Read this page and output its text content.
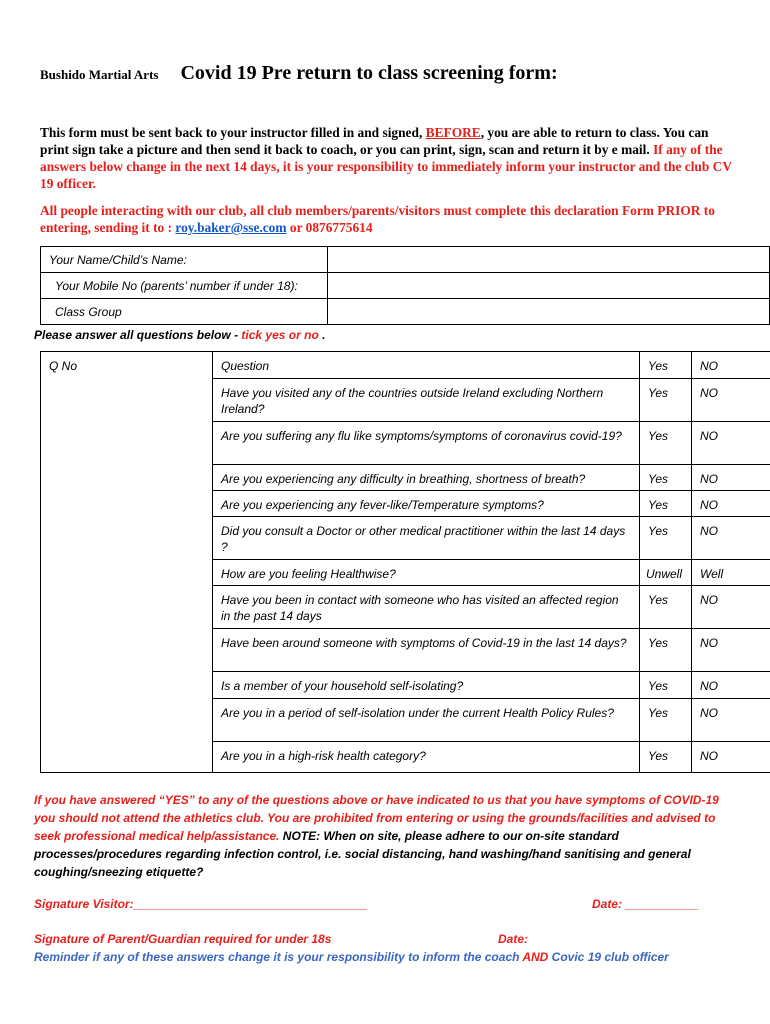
Bushido Martial Arts Covid 19 Pre return to class screening form:
This form must be sent back to your instructor filled in and signed, BEFORE, you are able to return to class. You can print sign take a picture and then send it back to coach, or you can print, sign, scan and return it by e mail. If any of the answers below change in the next 14 days, it is your responsibility to immediately inform your instructor and the club CV 19 officer.
All people interacting with our club, all club members/parents/visitors must complete this declaration Form PRIOR to entering, sending it to : roy.baker@sse.com or 0876775614
Your Name/Child’s Name:	
Your Mobile No (parents’ number if under 18):	
Class Group	
Please answer all questions below - tick yes or no .
Q No	Question	Yes	NO
	Have you visited any of the countries outside Ireland excluding Northern Ireland?	Yes	NO
	Are you suffering any flu like symptoms/symptoms of coronavirus covid-19?	Yes	NO
	Are you experiencing any difficulty in breathing, shortness of breath?	Yes	NO
	Are you experiencing any fever-like/Temperature symptoms?	Yes	NO
	Did you consult a Doctor or other medical practitioner within the last 14 days ?	Yes	NO
	How are you feeling Healthwise?	Unwell	Well
	Have you been in contact with someone who has visited an affected region in the past 14 days	Yes	NO
	Have been around someone with symptoms of Covid-19 in the last 14 days?	Yes	NO
	Is a member of your household self-isolating?	Yes	NO
	Are you in a period of self-isolation under the current Health Policy Rules?	Yes	NO
	Are you in a high-risk health category?	Yes	NO
If you have answered “YES” to any of the questions above or have indicated to us that you have symptoms of COVID-19 you should not attend the athletics club. You are prohibited from entering or using the grounds/facilities and advised to seek professional medical help/assistance. NOTE: When on site, please adhere to our on-site standard processes/procedures regarding infection control, i.e. social distancing, hand washing/hand sanitising and general coughing/sneezing etiquette?
Signature Visitor:___________________________________	Date: ___________
Signature of Parent/Guardian required for under 18s	Date:
Reminder if any of these answers change it is your responsibility to inform the coach AND Covic 19 club officer
